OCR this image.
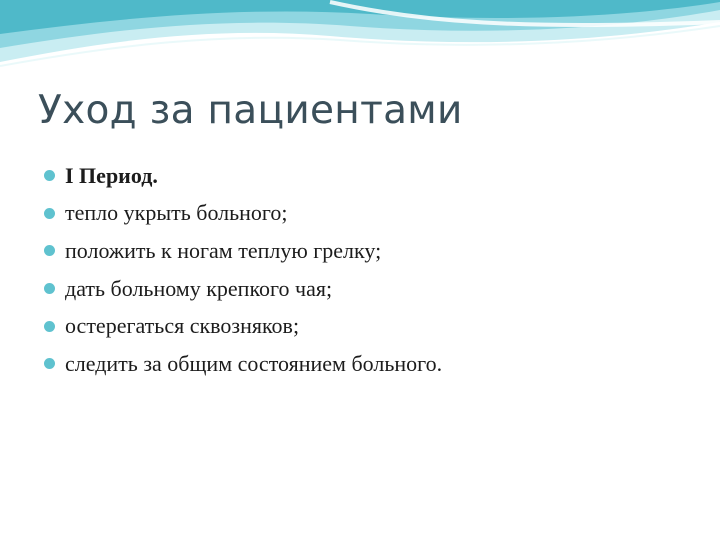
Уход за пациентами
I Период.
тепло укрыть больного;
положить к ногам теплую грелку;
дать больному крепкого чая;
остерегаться сквозняков;
следить за общим состоянием больного.
